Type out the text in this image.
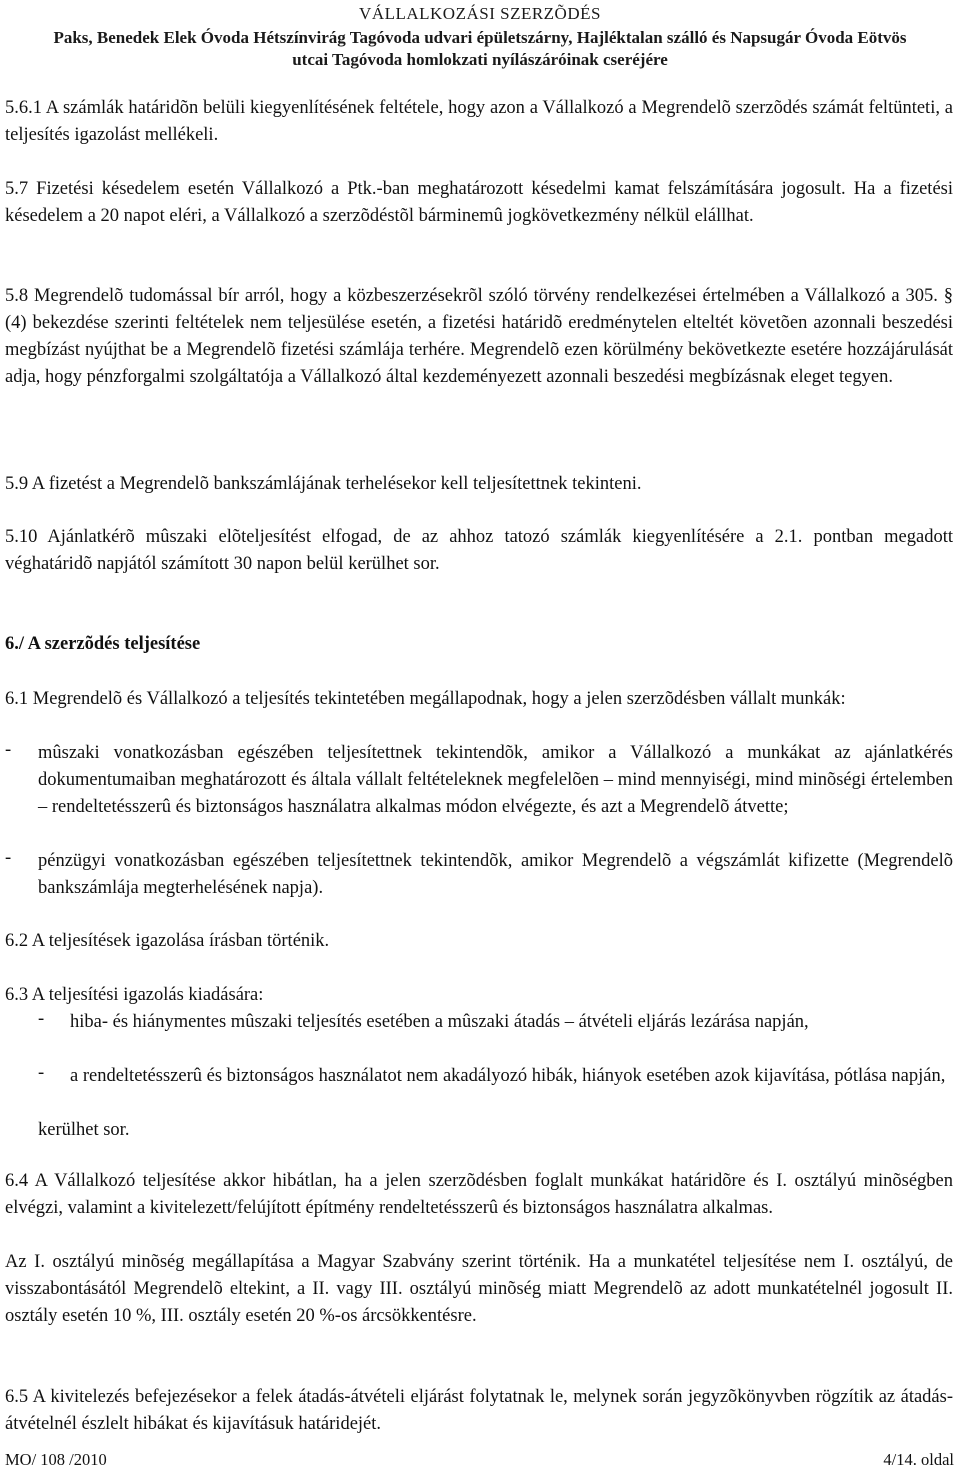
VÁLLALKOZÁSI SZERZÕDÉS
Paks, Benedek Elek Óvoda Hétszínvirág Tagóvoda udvari épületszárny, Hajléktalan szálló és Napsugár Óvoda Eötvös
utcai Tagóvoda homlokzati nyílászáróinak cseréjére

5.6.1 A számlák határidõn belüli kiegyenlítésének feltétele, hogy azon a Vállalkozó a Megrendelõ szerzõdés számát feltünteti, a teljesítés igazolást mellékeli.

5.7 Fizetési késedelem esetén Vállalkozó a Ptk.-ban meghatározott késedelmi kamat felszámítására jogosult. Ha a fizetési késedelem a 20 napot eléri, a Vállalkozó a szerzõdéstõl bárminemû jogkövetkezmény nélkül elállhat.

5.8 Megrendelõ tudomással bír arról, hogy a közbeszerzésekrõl szóló törvény rendelkezései értelmében a Vállalkozó a 305. § (4) bekezdése szerinti feltételek nem teljesülése esetén, a fizetési határidõ eredménytelen elteltét követõen azonnali beszedési megbízást nyújthat be a Megrendelõ fizetési számlája terhére. Megrendelõ ezen körülmény bekövetkezte esetére hozzájárulását adja, hogy pénzforgalmi szolgáltatója a Vállalkozó által kezdeményezett azonnali beszedési megbízásnak eleget tegyen.

5.9 A fizetést a Megrendelõ bankszámlájának terhelésekor kell teljesítettnek tekinteni.

5.10 Ajánlatkérõ mûszaki elõteljesítést elfogad, de az ahhoz tatozó számlák kiegyenlítésére a 2.1. pontban megadott véghatáridõ napjától számított 30 napon belül kerülhet sor.

6./ A szerzõdés teljesítése

6.1 Megrendelõ és Vállalkozó a teljesítés tekintetében megállapodnak, hogy a jelen szerzõdésben vállalt munkák:

- mûszaki vonatkozásban egészében teljesítettnek tekintendõk, amikor a Vállalkozó a munkákat az ajánlatkérés dokumentumaiban meghatározott és általa vállalt feltételeknek megfelelõen – mind mennyiségi, mind minõségi értelemben – rendeltetésszerû és biztonságos használatra alkalmas módon elvégezte, és azt a Megrendelõ átvette;

- pénzügyi vonatkozásban egészében teljesítettnek tekintendõk, amikor Megrendelõ a végszámlát kifizette (Megrendelõ bankszámlája megterhelésének napja).

6.2 A teljesítések igazolása írásban történik.

6.3 A teljesítési igazolás kiadására:

- hiba- és hiánymentes mûszaki teljesítés esetében a mûszaki átadás – átvételi eljárás lezárása napján,

- a rendeltetésszerû és biztonságos használatot nem akadályozó hibák, hiányok esetében azok kijavítása, pótlása napján,

kerülhet sor.

6.4 A Vállalkozó teljesítése akkor hibátlan, ha a jelen szerzõdésben foglalt munkákat határidõre és I. osztályú minõségben elvégzi, valamint a kivitelezett/felújított építmény rendeltetésszerû és biztonságos használatra alkalmas.

Az I. osztályú minõség megállapítása a Magyar Szabvány szerint történik. Ha a munkatétel teljesítése nem I. osztályú, de visszabontásától Megrendelõ eltekint, a II. vagy III. osztályú minõség miatt Megrendelõ az adott munkatételnél jogosult II. osztály esetén 10 %, III. osztály esetén 20 %-os árcsökkentésre.

6.5 A kivitelezés befejezésekor a felek átadás-átvételi eljárást folytatnak le, melynek során jegyzõkönyvben rögzítik az átadás-átvételnél észlelt hibákat és kijavításuk határidejét.

MO/ 108 /2010	4/14. oldal
